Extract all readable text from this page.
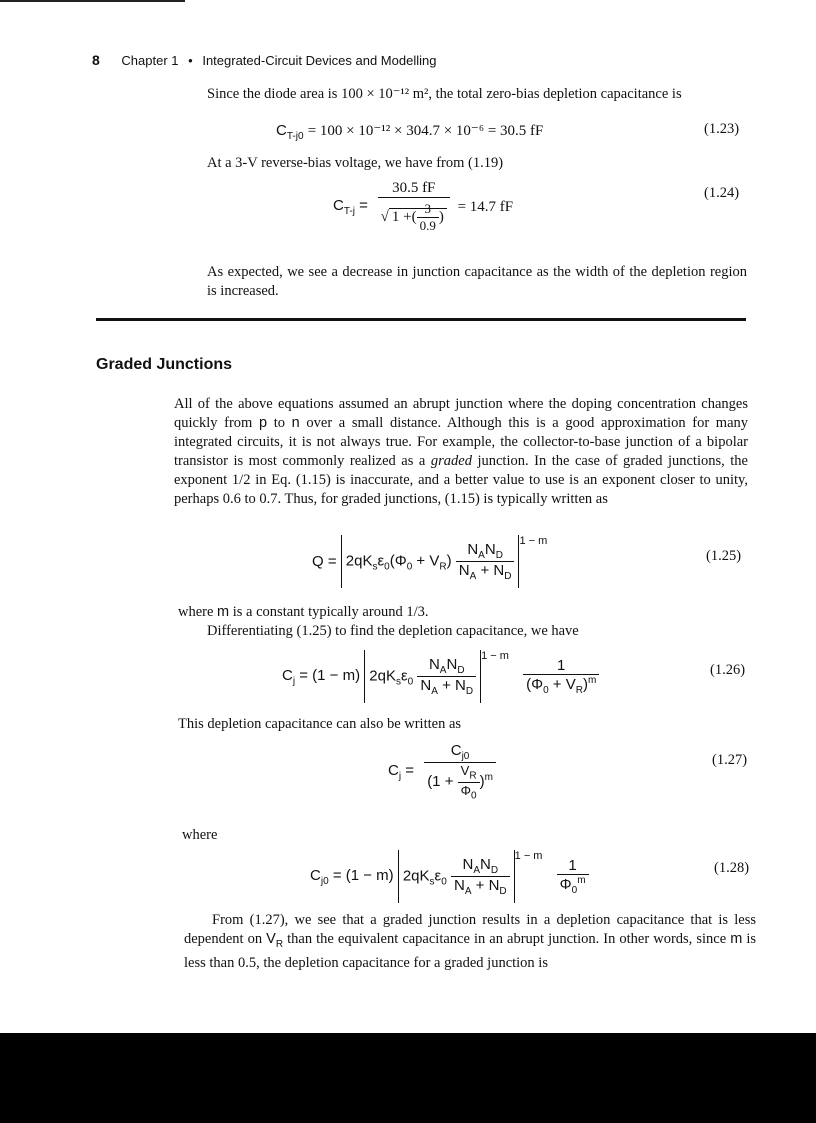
8 Chapter 1 • Integrated-Circuit Devices and Modelling
Since the diode area is 100 × 10⁻¹² m², the total zero-bias depletion capacitance is
$C_{T-j0} = 100 \times 10^{-12} \times 304.7 \times 10^{-6} = 30.5$ fF	(1.23)
At a 3-V reverse-bias voltage, we have from (1.19)
$C_{T-j} = \frac{30.5 fF}{√ 1 +( \frac{3}{0.9} )} = 14.7$ fF
(1.24)
As expected, we see a decrease in junction capacitance as the width of the depletion region is increased.
Graded Junctions
All of the above equations assumed an abrupt junction where the doping concentration changes quickly from p to n over a small distance. Although this is a good approximation for many integrated circuits, it is not always true. For example, the collector-to-base junction of a bipolar transistor is most commonly realized as a graded junction. In the case of graded junctions, the exponent 1/2 in Eq. (1.15) is inaccurate, and a better value to use is an exponent closer to unity, perhaps 0.6 to 0.7. Thus, for graded junctions, (1.15) is typically written as
$Q = 2qK_s\varepsilon_0(\Phi_0 + V_R) \frac{N_AN_D}{N_A + N_D} ^{1 - m}$
(1.25)
where m is a constant typically around 1/3.
Differentiating (1.25) to find the depletion capacitance, we have
$C_j = (1 - m)$ $2qK_s\varepsilon_0 \frac{N_AN_D}{N_A + N_D} ^{1 - m}$
$\frac{1}{(\Phi_0 + V_R)^m}$	(1.26)
This depletion capacitance can also be written as
$C_j = \frac{C_{j0}}{(1 + \frac{V_R}{\Phi_0} )^m}$	(1.27)
where
$C_{j0} = (1 - m)$ $2qK_s\varepsilon_0 \frac{N_AN_D}{N_A + N_D} ^{1 - m}$
$\frac{1}{\Phi_0^m}$	(1.28)
From (1.27), we see that a graded junction results in a depletion capacitance that is less dependent on $V_R$ than the equivalent capacitance in an abrupt junction. In other words, since m is less than 0.5, the depletion capacitance for a graded junction is
